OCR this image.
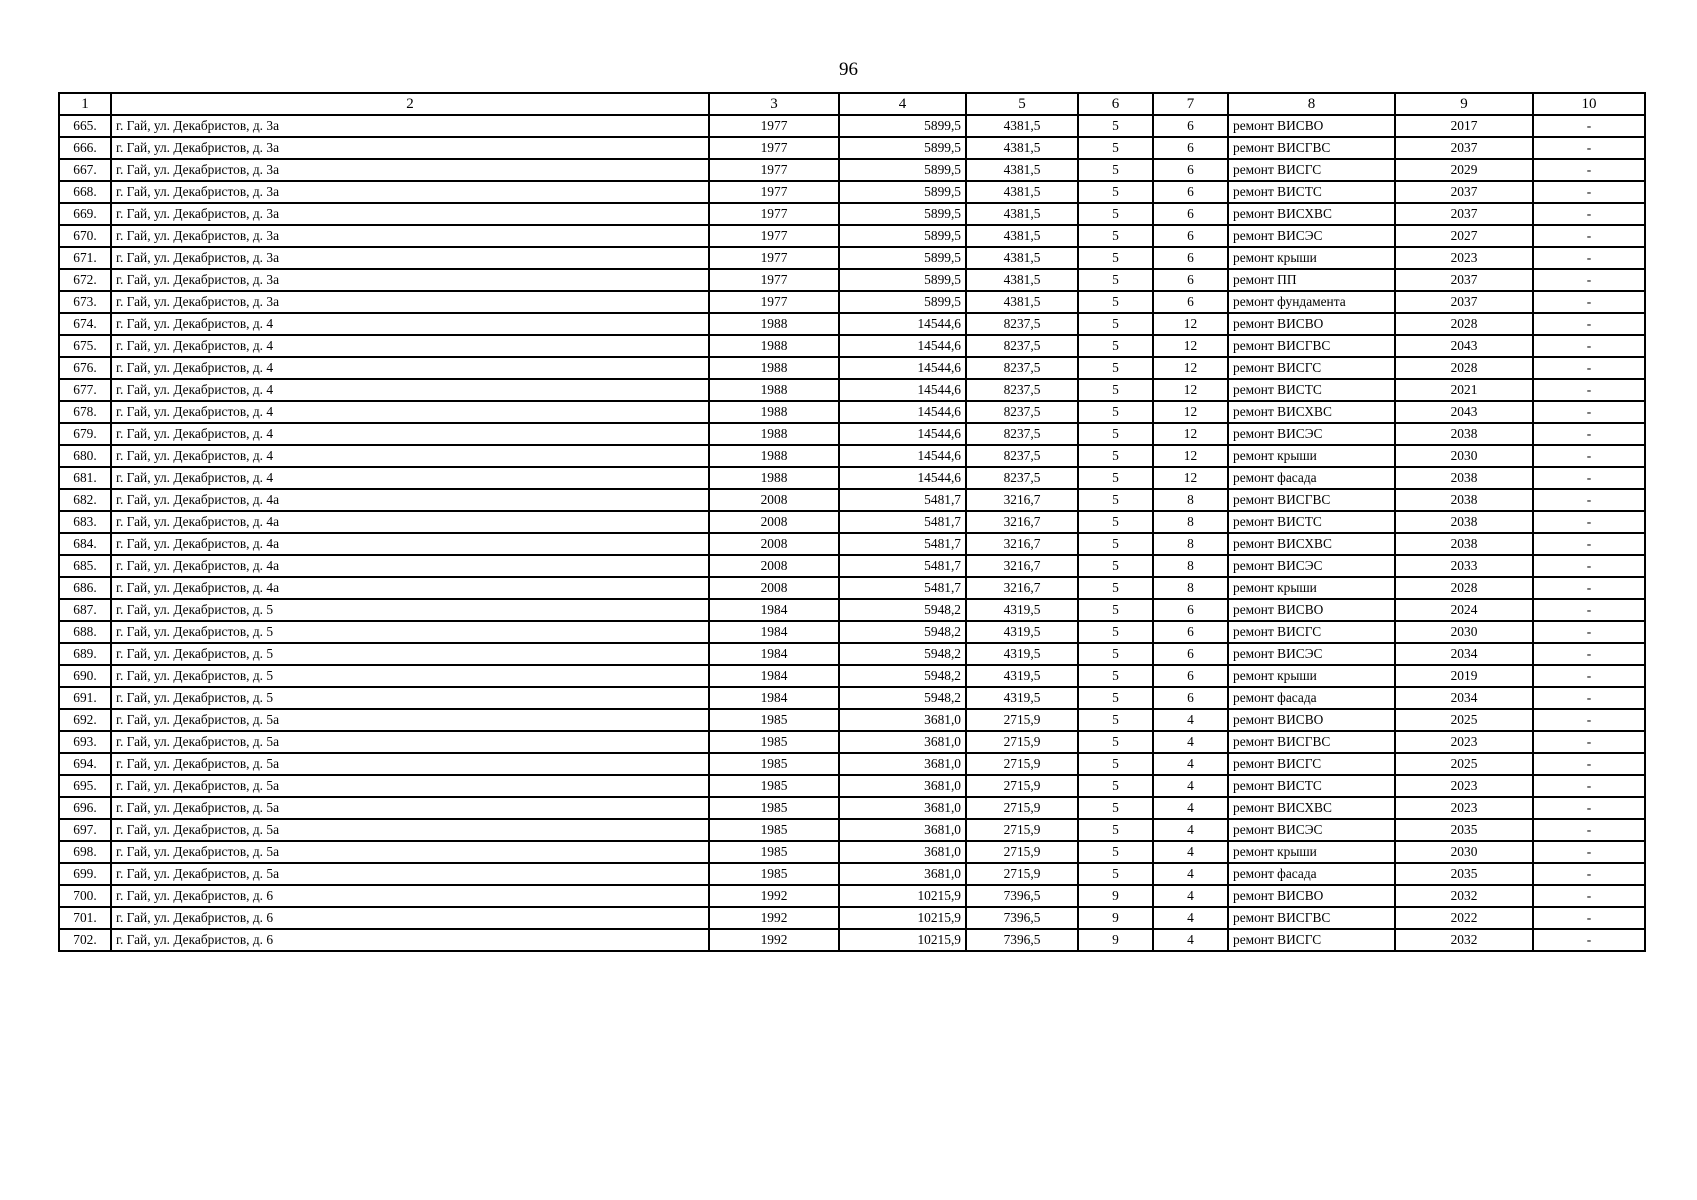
96
1	2	3	4	5	6	7	8	9	10
665.	г. Гай, ул. Декабристов, д. 3а	1977	5899,5	4381,5	5	6	ремонт ВИСВО	2017	-
666.	г. Гай, ул. Декабристов, д. 3а	1977	5899,5	4381,5	5	6	ремонт ВИСГВС	2037	-
667.	г. Гай, ул. Декабристов, д. 3а	1977	5899,5	4381,5	5	6	ремонт ВИСГС	2029	-
668.	г. Гай, ул. Декабристов, д. 3а	1977	5899,5	4381,5	5	6	ремонт ВИСТС	2037	-
669.	г. Гай, ул. Декабристов, д. 3а	1977	5899,5	4381,5	5	6	ремонт ВИСХВС	2037	-
670.	г. Гай, ул. Декабристов, д. 3а	1977	5899,5	4381,5	5	6	ремонт ВИСЭС	2027	-
671.	г. Гай, ул. Декабристов, д. 3а	1977	5899,5	4381,5	5	6	ремонт крыши	2023	-
672.	г. Гай, ул. Декабристов, д. 3а	1977	5899,5	4381,5	5	6	ремонт ПП	2037	-
673.	г. Гай, ул. Декабристов, д. 3а	1977	5899,5	4381,5	5	6	ремонт фундамента	2037	-
674.	г. Гай, ул. Декабристов, д. 4	1988	14544,6	8237,5	5	12	ремонт ВИСВО	2028	-
675.	г. Гай, ул. Декабристов, д. 4	1988	14544,6	8237,5	5	12	ремонт ВИСГВС	2043	-
676.	г. Гай, ул. Декабристов, д. 4	1988	14544,6	8237,5	5	12	ремонт ВИСГС	2028	-
677.	г. Гай, ул. Декабристов, д. 4	1988	14544,6	8237,5	5	12	ремонт ВИСТС	2021	-
678.	г. Гай, ул. Декабристов, д. 4	1988	14544,6	8237,5	5	12	ремонт ВИСХВС	2043	-
679.	г. Гай, ул. Декабристов, д. 4	1988	14544,6	8237,5	5	12	ремонт ВИСЭС	2038	-
680.	г. Гай, ул. Декабристов, д. 4	1988	14544,6	8237,5	5	12	ремонт крыши	2030	-
681.	г. Гай, ул. Декабристов, д. 4	1988	14544,6	8237,5	5	12	ремонт фасада	2038	-
682.	г. Гай, ул. Декабристов, д. 4а	2008	5481,7	3216,7	5	8	ремонт ВИСГВС	2038	-
683.	г. Гай, ул. Декабристов, д. 4а	2008	5481,7	3216,7	5	8	ремонт ВИСТС	2038	-
684.	г. Гай, ул. Декабристов, д. 4а	2008	5481,7	3216,7	5	8	ремонт ВИСХВС	2038	-
685.	г. Гай, ул. Декабристов, д. 4а	2008	5481,7	3216,7	5	8	ремонт ВИСЭС	2033	-
686.	г. Гай, ул. Декабристов, д. 4а	2008	5481,7	3216,7	5	8	ремонт крыши	2028	-
687.	г. Гай, ул. Декабристов, д. 5	1984	5948,2	4319,5	5	6	ремонт ВИСВО	2024	-
688.	г. Гай, ул. Декабристов, д. 5	1984	5948,2	4319,5	5	6	ремонт ВИСГС	2030	-
689.	г. Гай, ул. Декабристов, д. 5	1984	5948,2	4319,5	5	6	ремонт ВИСЭС	2034	-
690.	г. Гай, ул. Декабристов, д. 5	1984	5948,2	4319,5	5	6	ремонт крыши	2019	-
691.	г. Гай, ул. Декабристов, д. 5	1984	5948,2	4319,5	5	6	ремонт фасада	2034	-
692.	г. Гай, ул. Декабристов, д. 5а	1985	3681,0	2715,9	5	4	ремонт ВИСВО	2025	-
693.	г. Гай, ул. Декабристов, д. 5а	1985	3681,0	2715,9	5	4	ремонт ВИСГВС	2023	-
694.	г. Гай, ул. Декабристов, д. 5а	1985	3681,0	2715,9	5	4	ремонт ВИСГС	2025	-
695.	г. Гай, ул. Декабристов, д. 5а	1985	3681,0	2715,9	5	4	ремонт ВИСТС	2023	-
696.	г. Гай, ул. Декабристов, д. 5а	1985	3681,0	2715,9	5	4	ремонт ВИСХВС	2023	-
697.	г. Гай, ул. Декабристов, д. 5а	1985	3681,0	2715,9	5	4	ремонт ВИСЭС	2035	-
698.	г. Гай, ул. Декабристов, д. 5а	1985	3681,0	2715,9	5	4	ремонт крыши	2030	-
699.	г. Гай, ул. Декабристов, д. 5а	1985	3681,0	2715,9	5	4	ремонт фасада	2035	-
700.	г. Гай, ул. Декабристов, д. 6	1992	10215,9	7396,5	9	4	ремонт ВИСВО	2032	-
701.	г. Гай, ул. Декабристов, д. 6	1992	10215,9	7396,5	9	4	ремонт ВИСГВС	2022	-
702.	г. Гай, ул. Декабристов, д. 6	1992	10215,9	7396,5	9	4	ремонт ВИСГС	2032	-
